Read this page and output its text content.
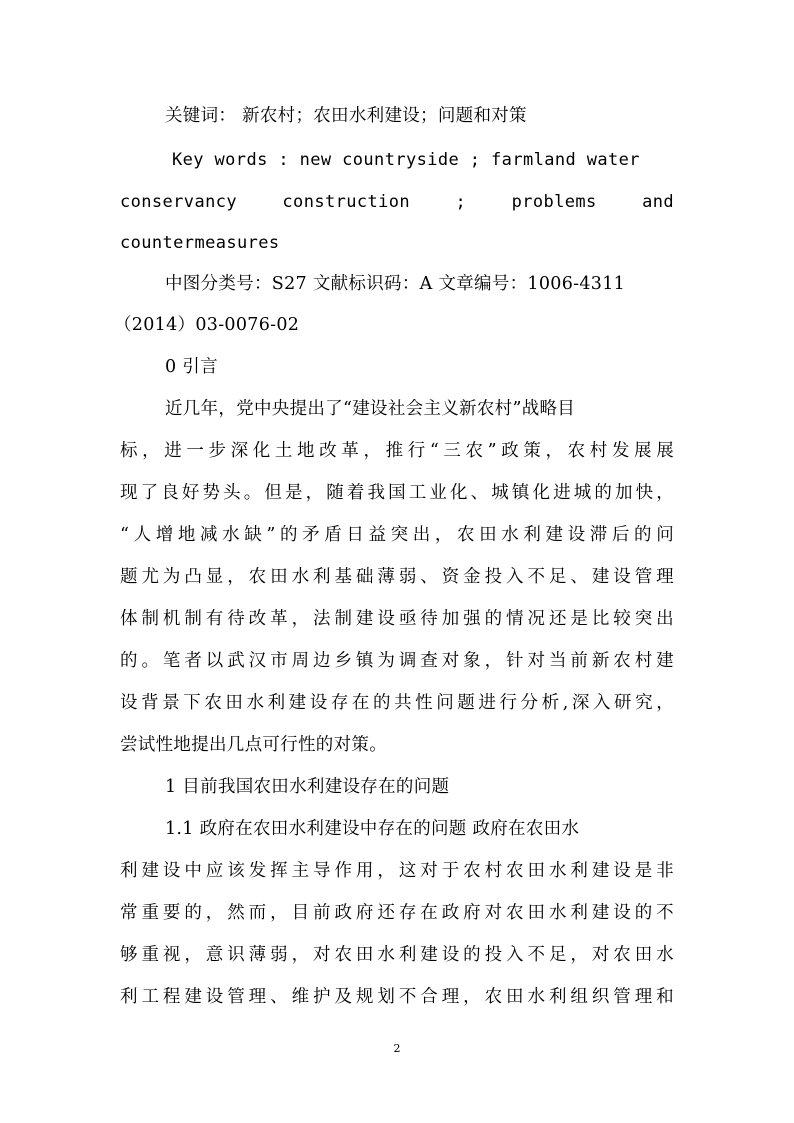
关键词： 新农村；农田水利建设；问题和对策
Key words : new countryside ; farmland water
conservancy	construction	;	problems	and
countermeasures
中图分类号：S27 文献标识码：A 文章编号：1006-4311
（2014）03-0076-02
0 引言
近几年，党中央提出了“建设社会主义新农村”战略目
标，进一步深化土地改革，推行“三农”政策，农村发展展
现了良好势头。但是，随着我国工业化、城镇化进城的加快，
“人增地减水缺”的矛盾日益突出，农田水利建设滞后的问
题尤为凸显，农田水利基础薄弱、资金投入不足、建设管理
体制机制有待改革，法制建设亟待加强的情况还是比较突出
的。笔者以武汉市周边乡镇为调查对象，针对当前新农村建
设背景下农田水利建设存在的共性问题进行分析,深入研究，
尝试性地提出几点可行性的对策。
1 目前我国农田水利建设存在的问题
1.1 政府在农田水利建设中存在的问题 政府在农田水
利建设中应该发挥主导作用，这对于农村农田水利建设是非
常重要的，然而，目前政府还存在政府对农田水利建设的不
够重视，意识薄弱，对农田水利建设的投入不足，对农田水
利工程建设管理、维护及规划不合理，农田水利组织管理和
2
